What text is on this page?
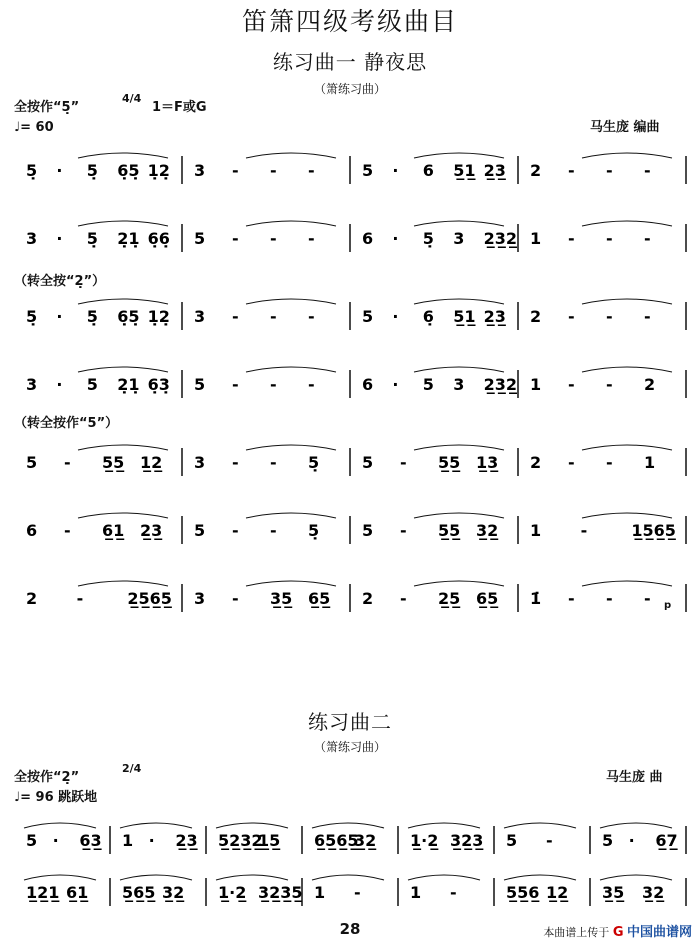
笛箫四级考级曲目
练习曲一 静夜思
（箫练习曲）
全按作“5̣”
4/4
1＝F或G
♩= 60	马生庞 编曲
（转全按“2̣”）
（转全按作“5”）
5̣ · 5̣ 6̣5̣ 1̣2̣ 3 - - -	5 · 6 5̲1̲ 2̲3̲ 2 - - -
3 · 5̣ 2̣1̣ 6̣6̣ 5 - - -	6 · 5̣ 3 2̲3̲2̲ 1 - - -
5̣ · 5̣ 6̣5̣ 1̣2̣ 3 - - -	5 · 6̣ 5̲1̲ 2̲3̲ 2 - - -
3 · 5 2̣1̣ 6̣3̣ 5 - - -	6 · 5 3 2̲3̲2̲ 1 - - 2
5 - 5̲5̲ 1̲2̲ 3 - - 5̣	5 - 5̲5̲ 1̲3̲ 2 - - 1
6 - 6̲1̲ 2̲3̲ 5 - - 5̣	5 - 5̲5̲ 3̲2̲ 1 -	1̲5̲6̲5̲
2 -	2̲5̲6̲5̲ 3 - 3̲5̲ 6̲5̲ 2 - 2̲5̲ 6̲5̲ 1̇ - - - p
练习曲二
（箫练习曲）
全按作“2̣”
2/4
♩= 96 跳跃地
马生庞 曲
5 · 6̲3̲ 1 · 2̲3̲ 5̲2̲3̲2̲
1̲5̲ 6̲5̲6̲5̲
3̲2̲ 1̲·2̲ 3̲2̲3̲ 5 -	5 · 6̲7̲
1̲2̲1̲ 6̲1̲ 5̲6̲5̲ 3̲2̲ 1̲·2̲ 3̲2̲3̲5̲ 1 -	1 -	5̲5̲6̲ 1̲2̲ 3̲5̲ 3̲2̲
28	本曲谱上传于 G 中国曲谱网
